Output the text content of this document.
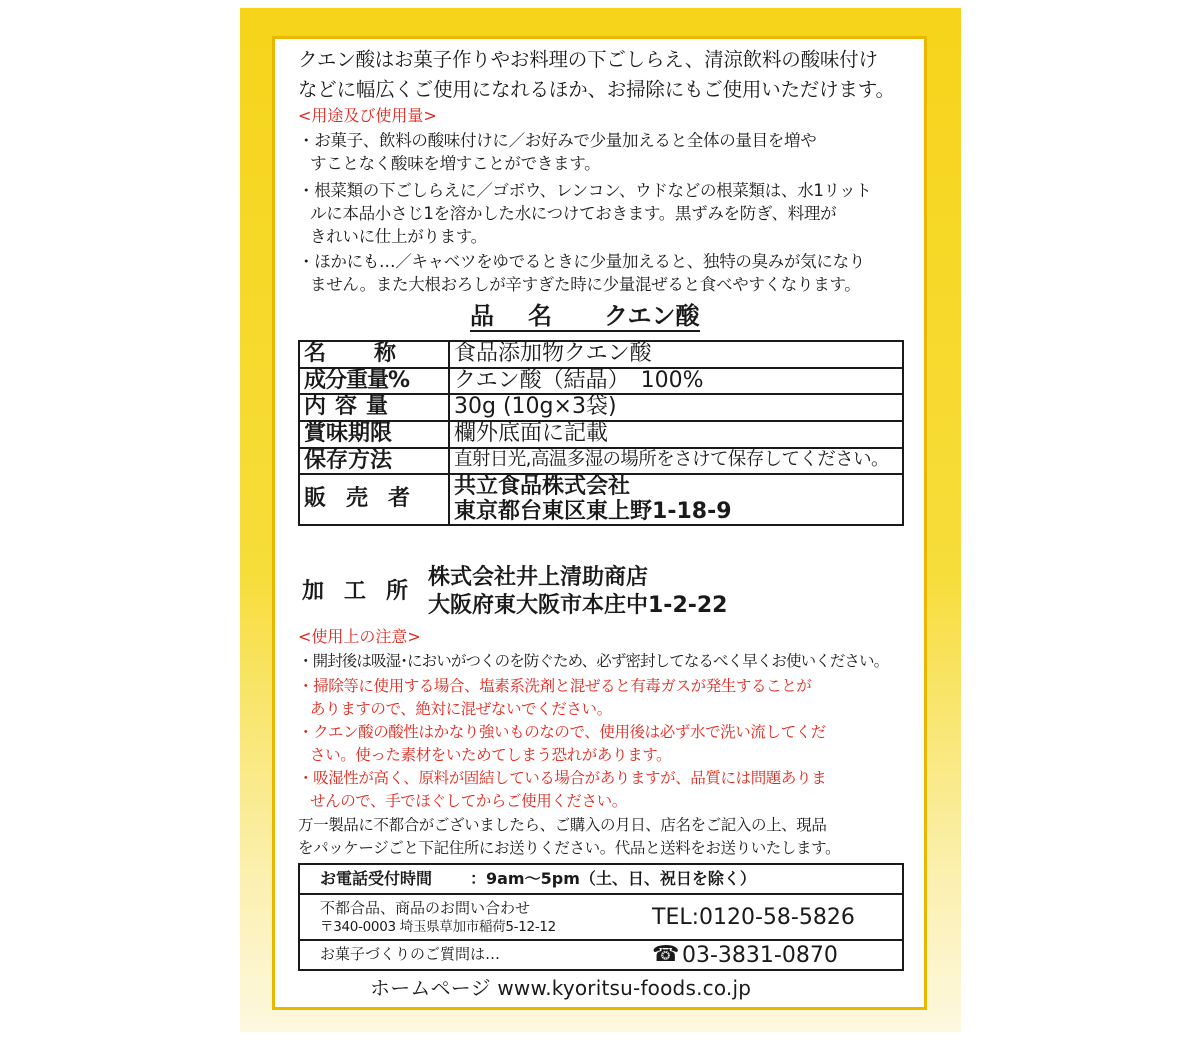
クエン酸はお菓子作りやお料理の下ごしらえ、清涼飲料の酸味付け
などに幅広くご使用になれるほか、お掃除にもご使用いただけます。
<用途及び使用量>
・お菓子、飲料の酸味付けに／お好みで少量加えると全体の量目を増や
すことなく酸味を増すことができます。
・根菜類の下ごしらえに／ゴボウ、レンコン、ウドなどの根菜類は、水1リット
ルに本品小さじ1を溶かした水につけておきます。黒ずみを防ぎ、料理が
きれいに仕上がります。
・ほかにも…／キャベツをゆでるときに少量加えると、独特の臭みが気になり
ません。また大根おろしが辛すぎた時に少量混ぜると食べやすくなります。
品 名 クエン酸
名称	食品添加物クエン酸
成分重量%	クエン酸（結晶）　100%
内容量	30g (10g×3袋)
賞味期限	欄外底面に記載
保存方法	直射日光,高温多湿の場所をさけて保存してください。
販売者	共立食品株式会社
東京都台東区東上野1-18-9
加工所
株式会社井上清助商店
大阪府東大阪市本庄中1-2-22
<使用上の注意>
・開封後は吸湿･においがつくのを防ぐため、必ず密封してなるべく早くお使いください。
・掃除等に使用する場合、塩素系洗剤と混ぜると有毒ガスが発生することが
ありますので、絶対に混ぜないでください。
・クエン酸の酸性はかなり強いものなので、使用後は必ず水で洗い流してくだ
さい。使った素材をいためてしまう恐れがあります。
・吸湿性が高く、原料が固結している場合がありますが、品質には問題ありま
せんので、手でほぐしてからご使用ください。
万一製品に不都合がございましたら、ご購入の月日、店名をご記入の上、現品
をパッケージごと下記住所にお送りください。代品と送料をお送りいたします。
お電話受付時間 ：9am〜5pm（土、日、祝日を除く）
不都合品、商品のお問い合わせ
〒340-0003 埼玉県草加市稲荷5-12-12	TEL:0120-58-5826
お菓子づくりのご質問は…	☎ 03-3831-0870
ホームページ www.kyoritsu-foods.co.jp
